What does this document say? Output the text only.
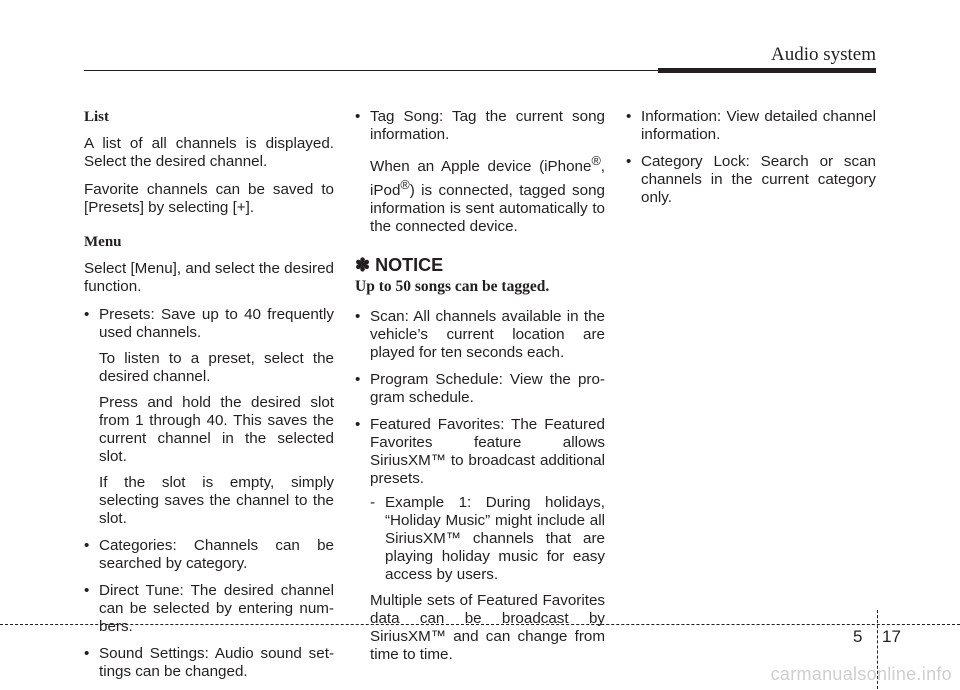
Audio system
List

A list of all channels is displayed. Select the desired channel.

Favorite channels can be saved to [Presets] by selecting [+].

Menu

Select [Menu], and select the desired function.

• Presets: Save up to 40 frequently used channels.

To listen to a preset, select the desired channel.

Press and hold the desired slot from 1 through 40. This saves the current channel in the selected slot.

If the slot is empty, simply selecting saves the channel to the slot.

• Categories: Channels can be searched by category.

• Direct Tune: The desired channel can be selected by entering num-bers.

• Sound Settings: Audio sound set-tings can be changed.

• Tag Song: Tag the current song information.

When an Apple device (iPhone®, iPod®) is connected, tagged song information is sent automatically to the connected device.

✽ NOTICE
Up to 50 songs can be tagged.

• Scan: All channels available in the vehicle’s current location are played for ten seconds each.

• Program Schedule: View the pro-gram schedule.

• Featured Favorites: The Featured Favorites feature allows SiriusXM™ to broadcast additional presets.

- Example 1: During holidays, “Holiday Music” might include all SiriusXM™ channels that are playing holiday music for easy access by users.

Multiple sets of Featured Favorites data can be broadcast by SiriusXM™ and can change from time to time.

• Information: View detailed channel information.

• Category Lock: Search or scan channels in the current category only.

5 17
carmanualsonline.info
